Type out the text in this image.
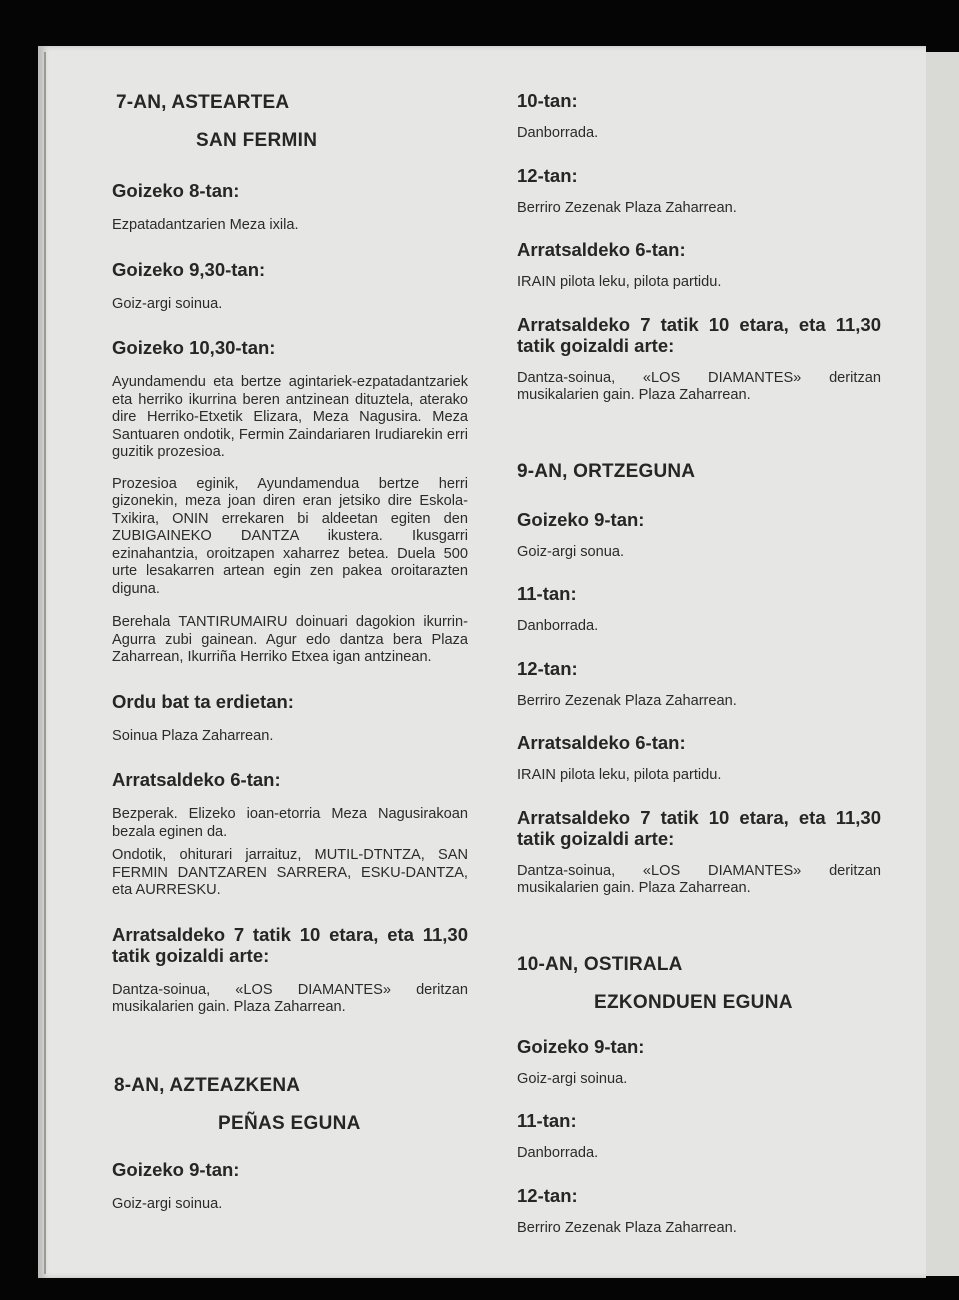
7-AN, ASTEARTEA

SAN FERMIN

Goizeko 8-tan:

Ezpatadantzarien Meza ixila.

Goizeko 9,30-tan:

Goiz-argi soinua.

Goizeko 10,30-tan:

Ayundamendu eta bertze agintariek-ezpatadantzariek eta herriko ikurrina beren antzinean dituztela, aterako dire Herriko-Etxetik Elizara, Meza Nagusira. Meza Santuaren ondotik, Fermin Zaindariaren Irudiarekin erri guzitik prozesioa.

Prozesioa eginik, Ayundamendua bertze herri gizonekin, meza joan diren eran jetsiko dire Eskola-Txikira, ONIN errekaren bi aldeetan egiten den ZUBIGAINEKO DANTZA ikustera. Ikusgarri ezinahantzia, oroitzapen xaharrez betea. Duela 500 urte lesakarren artean egin zen pakea oroitarazten diguna.

Berehala TANTIRUMAIRU doinuari dagokion ikurrin-Agurra zubi gainean. Agur edo dantza bera Plaza Zaharrean, Ikurriña Herriko Etxea igan antzinean.

Ordu bat ta erdietan:

Soinua Plaza Zaharrean.

Arratsaldeko 6-tan:

Bezperak. Elizeko ioan-etorria Meza Nagusirakoan bezala eginen da.

Ondotik, ohiturari jarraituz, MUTIL-DTNTZA, SAN FERMIN DANTZAREN SARRERA, ESKU-DANTZA, eta AURRESKU.

Arratsaldeko 7 tatik 10 etara, eta 11,30 tatik goizaldi arte:

Dantza-soinua, «LOS DIAMANTES» deritzan musikalarien gain. Plaza Zaharrean.

8-AN, AZTEAZKENA

PEÑAS EGUNA

Goizeko 9-tan:

Goiz-argi soinua.

10-tan:

Danborrada.

12-tan:

Berriro Zezenak Plaza Zaharrean.

Arratsaldeko 6-tan:

IRAIN pilota leku, pilota partidu.

Arratsaldeko 7 tatik 10 etara, eta 11,30 tatik goizaldi arte:

Dantza-soinua, «LOS DIAMANTES» deritzan musikalarien gain. Plaza Zaharrean.

9-AN, ORTZEGUNA

Goizeko 9-tan:

Goiz-argi sonua.

11-tan:

Danborrada.

12-tan:

Berriro Zezenak Plaza Zaharrean.

Arratsaldeko 6-tan:

IRAIN pilota leku, pilota partidu.

Arratsaldeko 7 tatik 10 etara, eta 11,30 tatik goizaldi arte:

Dantza-soinua, «LOS DIAMANTES» deritzan musikalarien gain. Plaza Zaharrean.

10-AN, OSTIRALA

EZKONDUEN EGUNA

Goizeko 9-tan:

Goiz-argi soinua.

11-tan:

Danborrada.

12-tan:

Berriro Zezenak Plaza Zaharrean.
